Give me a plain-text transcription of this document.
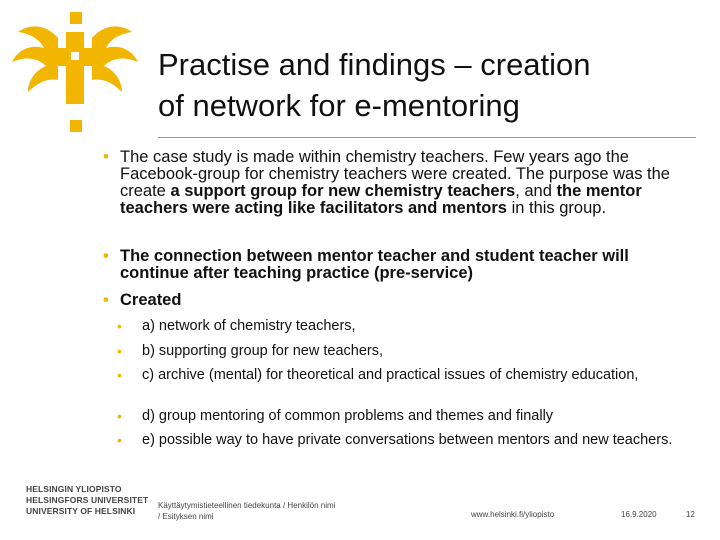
Practise and findings – creation
of network for e-mentoring
• The case study is made within chemistry teachers. Few years ago the Facebook-group for chemistry teachers were created. The purpose was the create a support group for new chemistry teachers, and the mentor teachers were acting like facilitators and mentors in this group.
• The connection between mentor teacher and student teacher will continue after teaching practice (pre-service)
• Created
• a) network of chemistry teachers,
• b) supporting group for new teachers,
• c) archive (mental) for theoretical and practical issues of chemistry education,
• d) group mentoring of common problems and themes and finally
• e) possible way to have private conversations between mentors and new teachers.
HELSINGIN YLIOPISTO
HELSINGFORS UNIVERSITET
UNIVERSITY OF HELSINKI
Käyttäytymistieteellinen tiedekunta / Henkilön nimi
/ Esityksen nimi	www.helsinki.fi/yliopisto	16.9.2020	12
